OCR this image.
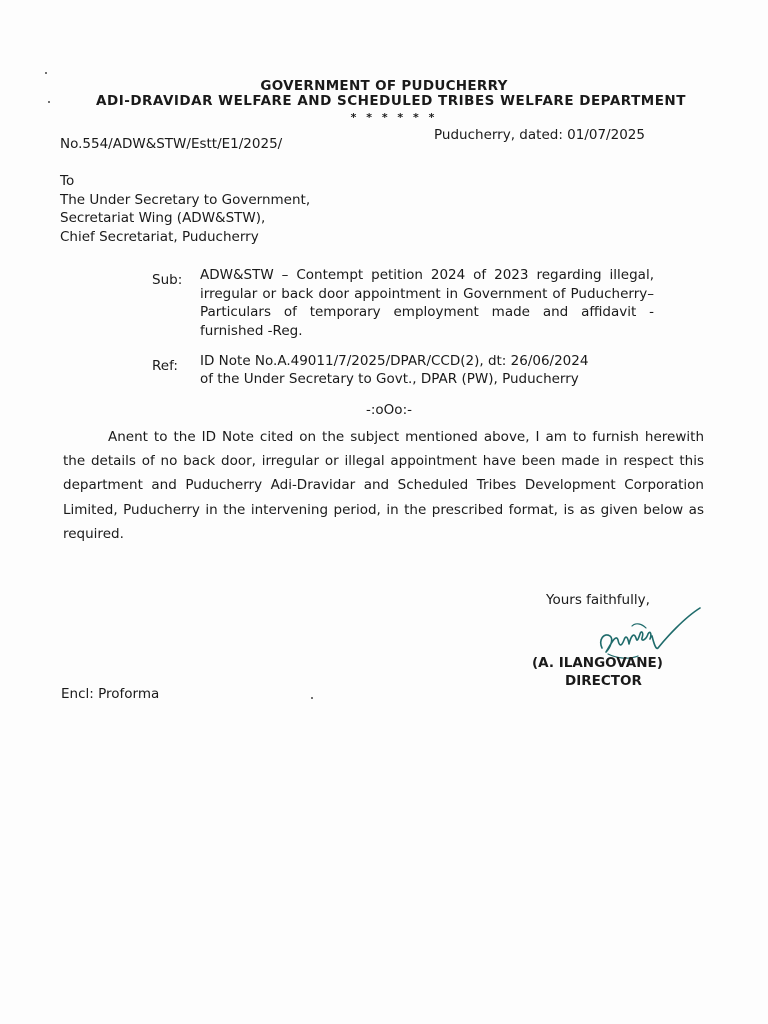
GOVERNMENT OF PUDUCHERRY
ADI-DRAVIDAR WELFARE AND SCHEDULED TRIBES WELFARE DEPARTMENT
* * * * * *
No.554/ADW&STW/Estt/E1/2025/
Puducherry, dated: 01/07/2025
To
The Under Secretary to Government,
Secretariat Wing (ADW&STW),
Chief Secretariat, Puducherry
Sub: ADW&STW – Contempt petition 2024 of 2023 regarding illegal, irregular or back door appointment in Government of Puducherry– Particulars of temporary employment made and affidavit - furnished -Reg.
Ref: ID Note No.A.49011/7/2025/DPAR/CCD(2), dt: 26/06/2024
of the Under Secretary to Govt., DPAR (PW), Puducherry
-:oOo:-
Anent to the ID Note cited on the subject mentioned above, I am to furnish herewith the details of no back door, irregular or illegal appointment have been made in respect this department and Puducherry Adi-Dravidar and Scheduled Tribes Development Corporation Limited, Puducherry in the intervening period, in the prescribed format, is as given below as required.
Yours faithfully,
(A. ILANGOVANE)
DIRECTOR
Encl: Proforma
